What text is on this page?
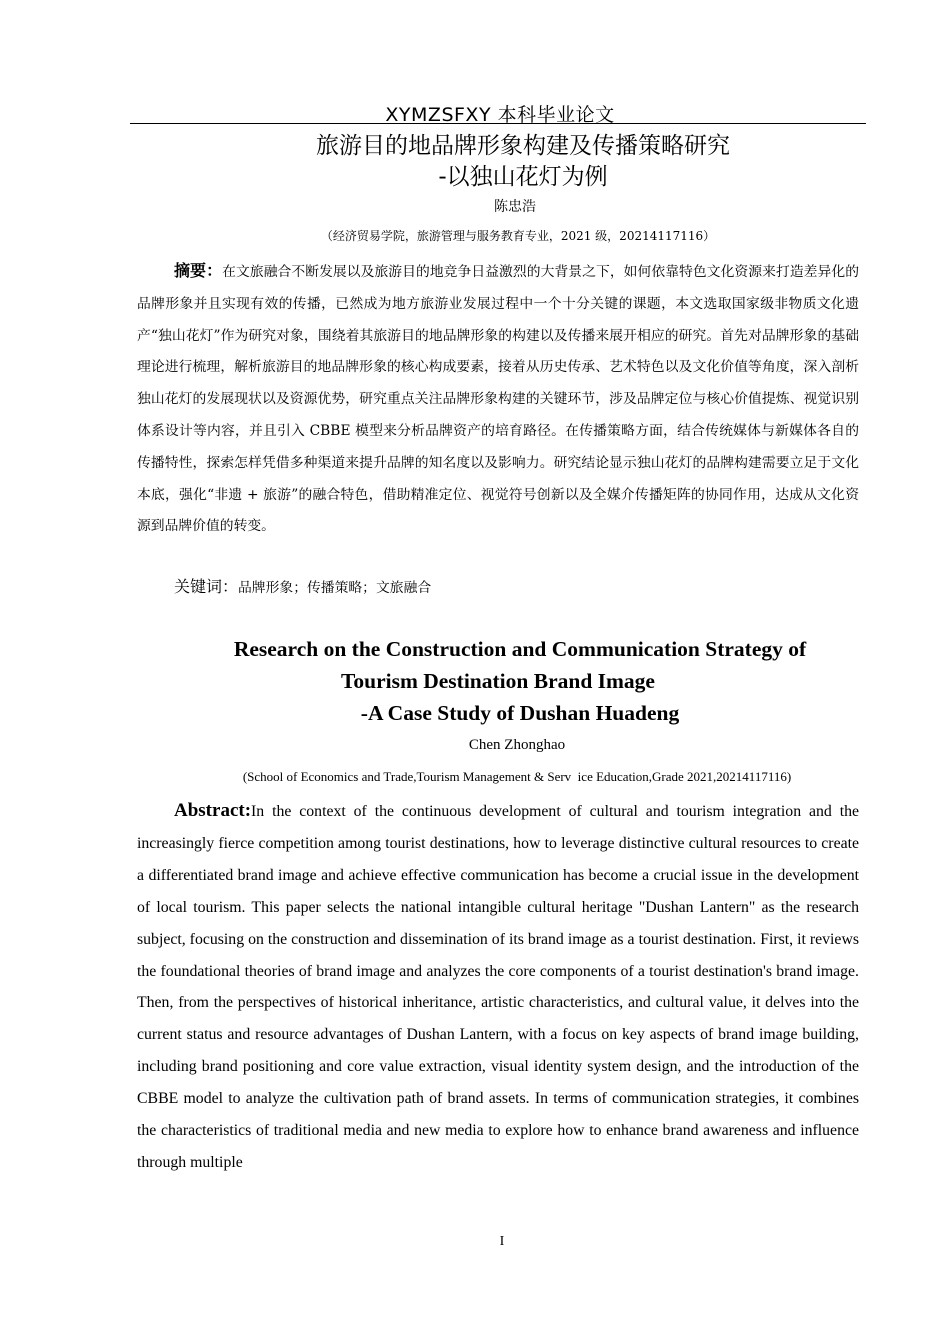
XYMZSFXY 本科毕业论文
旅游目的地品牌形象构建及传播策略研究
-以独山花灯为例
陈忠浩
（经济贸易学院，旅游管理与服务教育专业，2021 级，20214117116）
摘要：在文旅融合不断发展以及旅游目的地竞争日益激烈的大背景之下，如何依靠特色文化资源来打造差异化的品牌形象并且实现有效的传播，已然成为地方旅游业发展过程中一个十分关键的课题，本文选取国家级非物质文化遗产“独山花灯”作为研究对象，围绕着其旅游目的地品牌形象的构建以及传播来展开相应的研究。首先对品牌形象的基础理论进行梳理，解析旅游目的地品牌形象的核心构成要素，接着从历史传承、艺术特色以及文化价值等角度，深入剖析独山花灯的发展现状以及资源优势，研究重点关注品牌形象构建的关键环节，涉及品牌定位与核心价值提炼、视觉识别体系设计等内容，并且引入 CBBE 模型来分析品牌资产的培育路径。在传播策略方面，结合传统媒体与新媒体各自的传播特性，探索怎样凭借多种渠道来提升品牌的知名度以及影响力。研究结论显示独山花灯的品牌构建需要立足于文化本底，强化“非遗 + 旅游”的融合特色，借助精准定位、视觉符号创新以及全媒介传播矩阵的协同作用，达成从文化资源到品牌价值的转变。
关键词：品牌形象；传播策略；文旅融合
Research on the Construction and Communication Strategy of
Tourism Destination Brand Image
-A Case Study of Dushan Huadeng
Chen Zhonghao
(School of Economics and Trade,Tourism Management & Serv  ice Education,Grade 2021,20214117116)
Abstract:In the context of the continuous development of cultural and tourism integration and the increasingly fierce competition among tourist destinations, how to leverage distinctive cultural resources to create a differentiated brand image and achieve effective communication has become a crucial issue in the development of local tourism. This paper selects the national intangible cultural heritage "Dushan Lantern" as the research subject, focusing on the construction and dissemination of its brand image as a tourist destination. First, it reviews the foundational theories of brand image and analyzes the core components of a tourist destination's brand image. Then, from the perspectives of historical inheritance, artistic characteristics, and cultural value, it delves into the current status and resource advantages of Dushan Lantern, with a focus on key aspects of brand image building, including brand positioning and core value extraction, visual identity system design, and the introduction of the CBBE model to analyze the cultivation path of brand assets. In terms of communication strategies, it combines the characteristics of traditional media and new media to explore how to enhance brand awareness and influence through multiple
I
